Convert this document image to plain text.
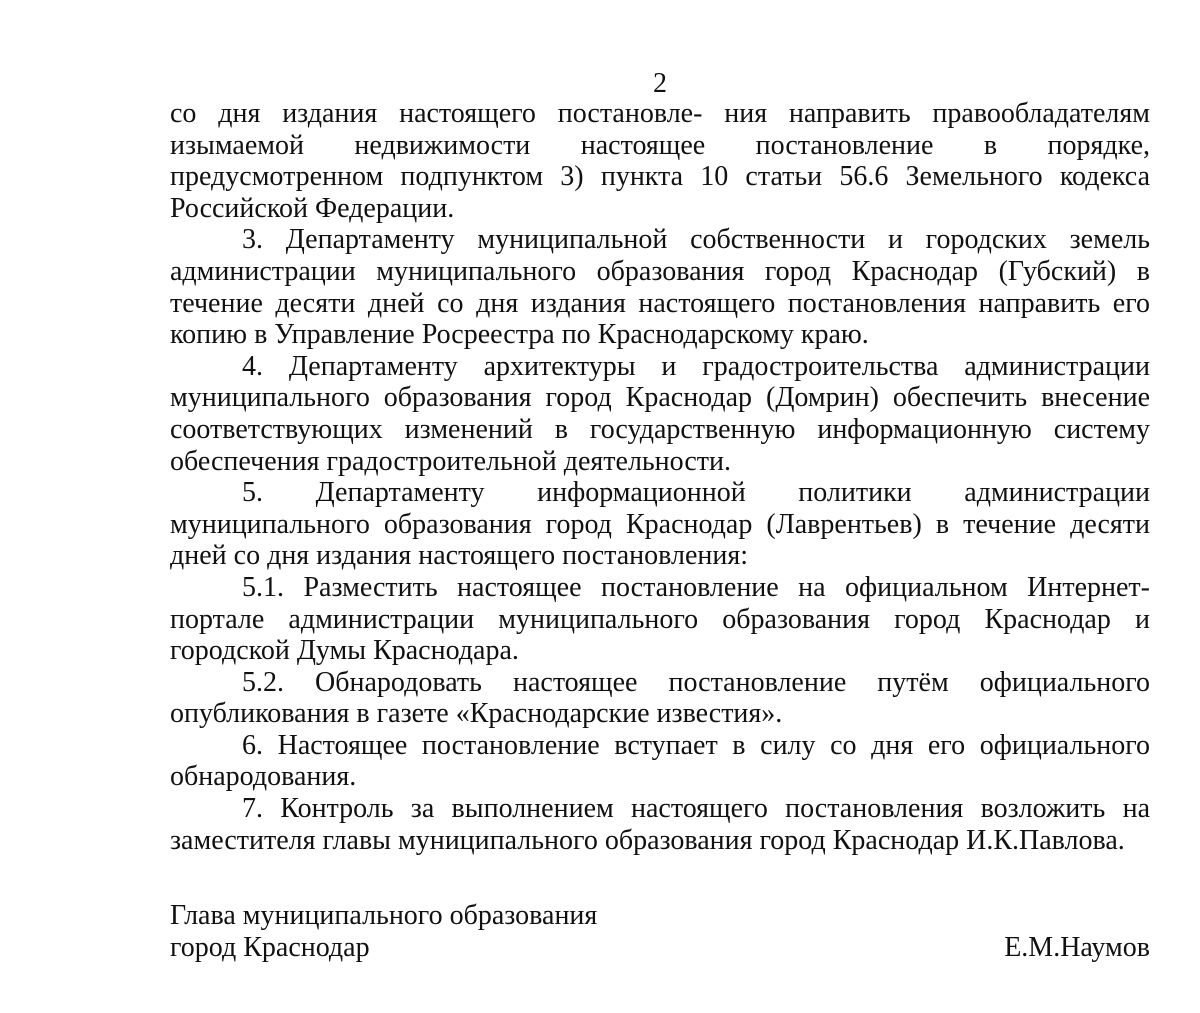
2

со дня издания настоящего постановле- ния направить правообладателям изымаемой недвижимости настоящее постановление в порядке, предусмотренном подпунктом 3) пункта 10 статьи 56.6 Земельного кодекса Российской Федерации.

3. Департаменту муниципальной собственности и городских земель администрации муниципального образования город Краснодар (Губский) в течение десяти дней со дня издания настоящего постановления направить его копию в Управление Росреестра по Краснодарскому краю.

4. Департаменту архитектуры и градостроительства администрации муниципального образования город Краснодар (Домрин) обеспечить внесение соответствующих изменений в государственную информационную систему обеспечения градостроительной деятельности.

5. Департаменту информационной политики администрации муниципального образования город Краснодар (Лаврентьев) в течение десяти дней со дня издания настоящего постановления:

5.1. Разместить настоящее постановление на официальном Интернет-портале администрации муниципального образования город Краснодар и городской Думы Краснодара.

5.2. Обнародовать настоящее постановление путём официального опубликования в газете «Краснодарские известия».

6. Настоящее постановление вступает в силу со дня его официального обнародования.

7. Контроль за выполнением настоящего постановления возложить на заместителя главы муниципального образования город Краснодар И.К.Павлова.

Глава муниципального образования
город Краснодар	Е.М.Наумов
